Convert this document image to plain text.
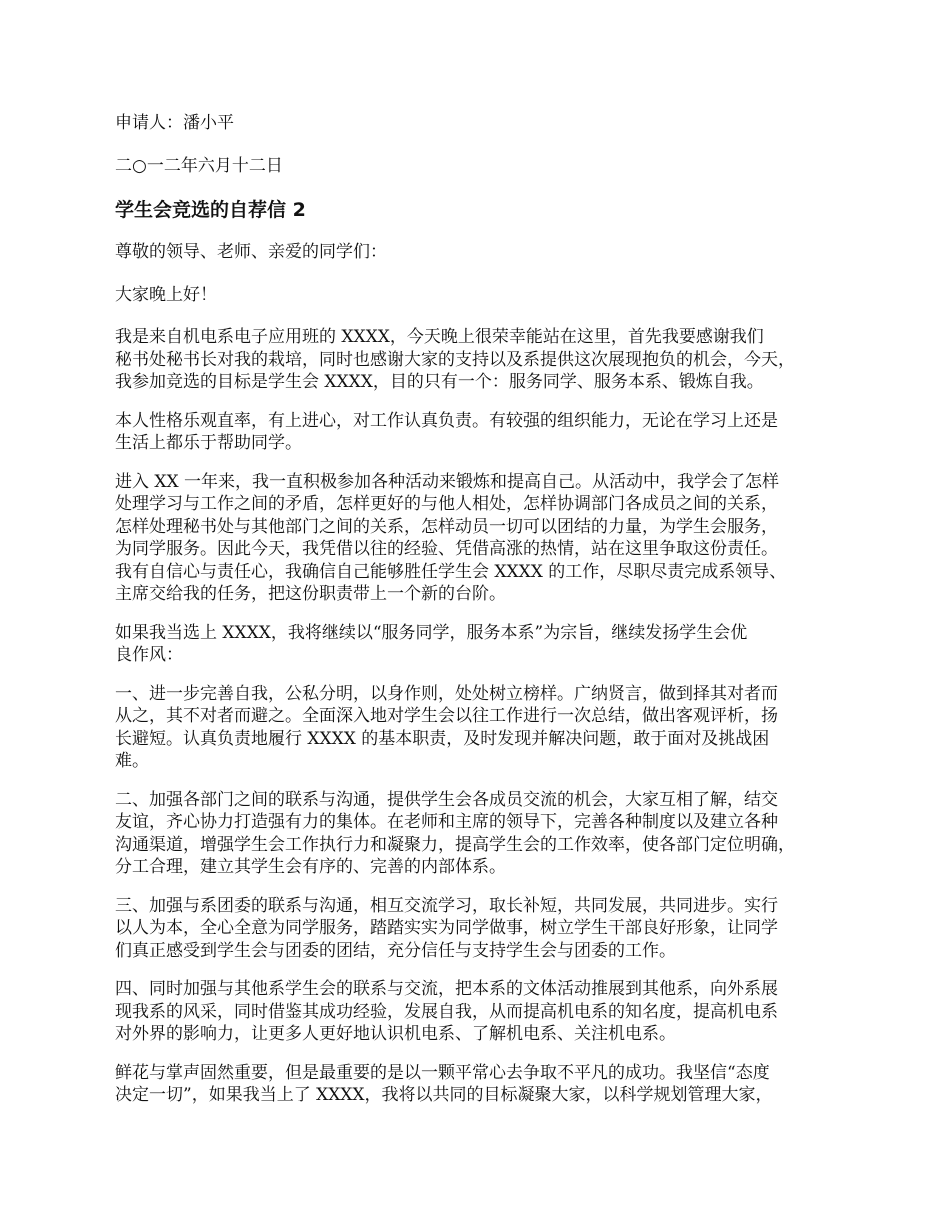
申请人：潘小平

二○一二年六月十二日

学生会竞选的自荐信 2

尊敬的领导、老师、亲爱的同学们：

大家晚上好！

我是来自机电系电子应用班的 XXXX，今天晚上很荣幸能站在这里，首先我要感谢我们
秘书处秘书长对我的栽培，同时也感谢大家的支持以及系提供这次展现抱负的机会，今天，
我参加竞选的目标是学生会 XXXX，目的只有一个：服务同学、服务本系、锻炼自我。

本人性格乐观直率，有上进心，对工作认真负责。有较强的组织能力，无论在学习上还是
生活上都乐于帮助同学。

进入 XX 一年来，我一直积极参加各种活动来锻炼和提高自己。从活动中，我学会了怎样
处理学习与工作之间的矛盾，怎样更好的与他人相处，怎样协调部门各成员之间的关系，
怎样处理秘书处与其他部门之间的关系，怎样动员一切可以团结的力量，为学生会服务，
为同学服务。因此今天，我凭借以往的经验、凭借高涨的热情，站在这里争取这份责任。
我有自信心与责任心，我确信自己能够胜任学生会 XXXX 的工作，尽职尽责完成系领导、
主席交给我的任务，把这份职责带上一个新的台阶。

如果我当选上 XXXX，我将继续以“服务同学，服务本系”为宗旨，继续发扬学生会优
良作风：

一、进一步完善自我，公私分明，以身作则，处处树立榜样。广纳贤言，做到择其对者而
从之，其不对者而避之。全面深入地对学生会以往工作进行一次总结，做出客观评析，扬
长避短。认真负责地履行 XXXX 的基本职责，及时发现并解决问题，敢于面对及挑战困
难。

二、加强各部门之间的联系与沟通，提供学生会各成员交流的机会，大家互相了解，结交
友谊，齐心协力打造强有力的集体。在老师和主席的领导下，完善各种制度以及建立各种
沟通渠道，增强学生会工作执行力和凝聚力，提高学生会的工作效率，使各部门定位明确，
分工合理，建立其学生会有序的、完善的内部体系。

三、加强与系团委的联系与沟通，相互交流学习，取长补短，共同发展，共同进步。实行
以人为本，全心全意为同学服务，踏踏实实为同学做事，树立学生干部良好形象，让同学
们真正感受到学生会与团委的团结，充分信任与支持学生会与团委的工作。

四、同时加强与其他系学生会的联系与交流，把本系的文体活动推展到其他系，向外系展
现我系的风采，同时借鉴其成功经验，发展自我，从而提高机电系的知名度，提高机电系
对外界的影响力，让更多人更好地认识机电系、了解机电系、关注机电系。

鲜花与掌声固然重要，但是最重要的是以一颗平常心去争取不平凡的成功。我坚信“态度
决定一切”，如果我当上了 XXXX，我将以共同的目标凝聚大家，以科学规划管理大家，
